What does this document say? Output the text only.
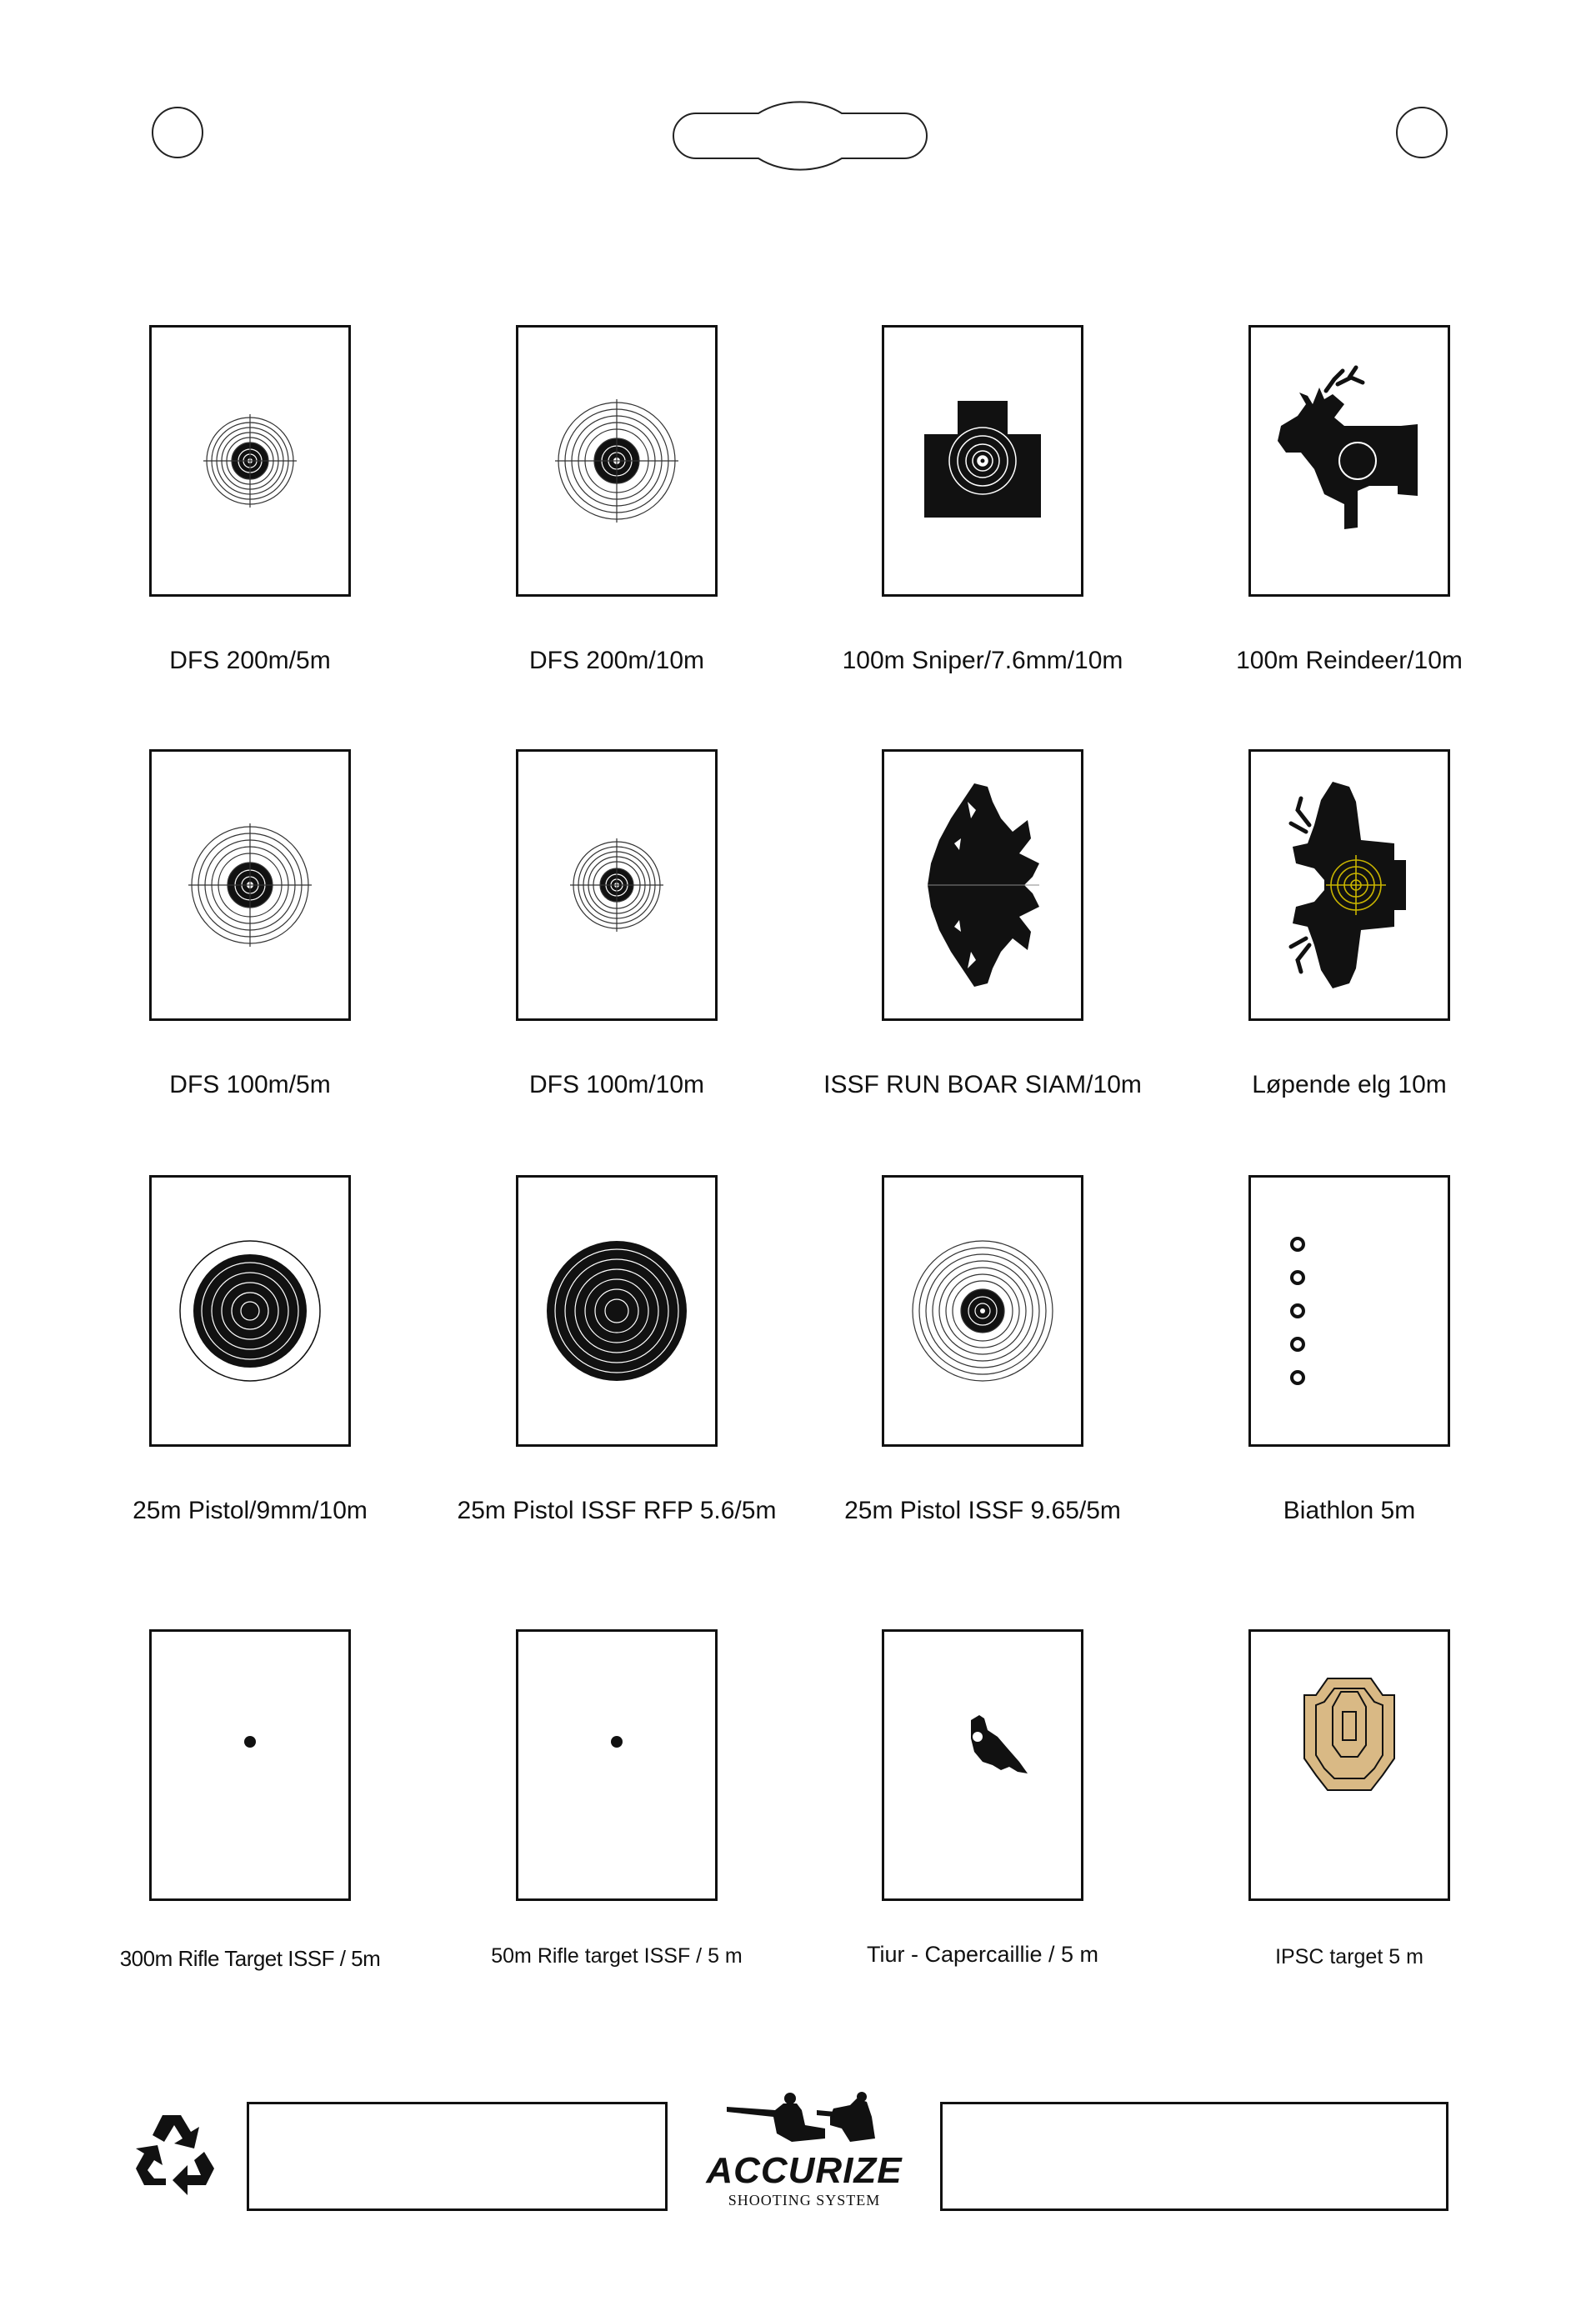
DFS 200m/5m	DFS 200m/10m	100m Sniper/7.6mm/10m	100m Reindeer/10m
DFS 100m/5m	DFS 100m/10m	ISSF RUN BOAR SIAM/10m	Løpende elg 10m
25m Pistol/9mm/10m	25m Pistol ISSF RFP 5.6/5m	25m Pistol ISSF 9.65/5m	Biathlon 5m
300m Rifle Target ISSF / 5m	50m Rifle target ISSF / 5 m	Tiur - Capercaillie / 5 m	IPSC target 5 m
ACCURIZE
SHOOTING SYSTEM
